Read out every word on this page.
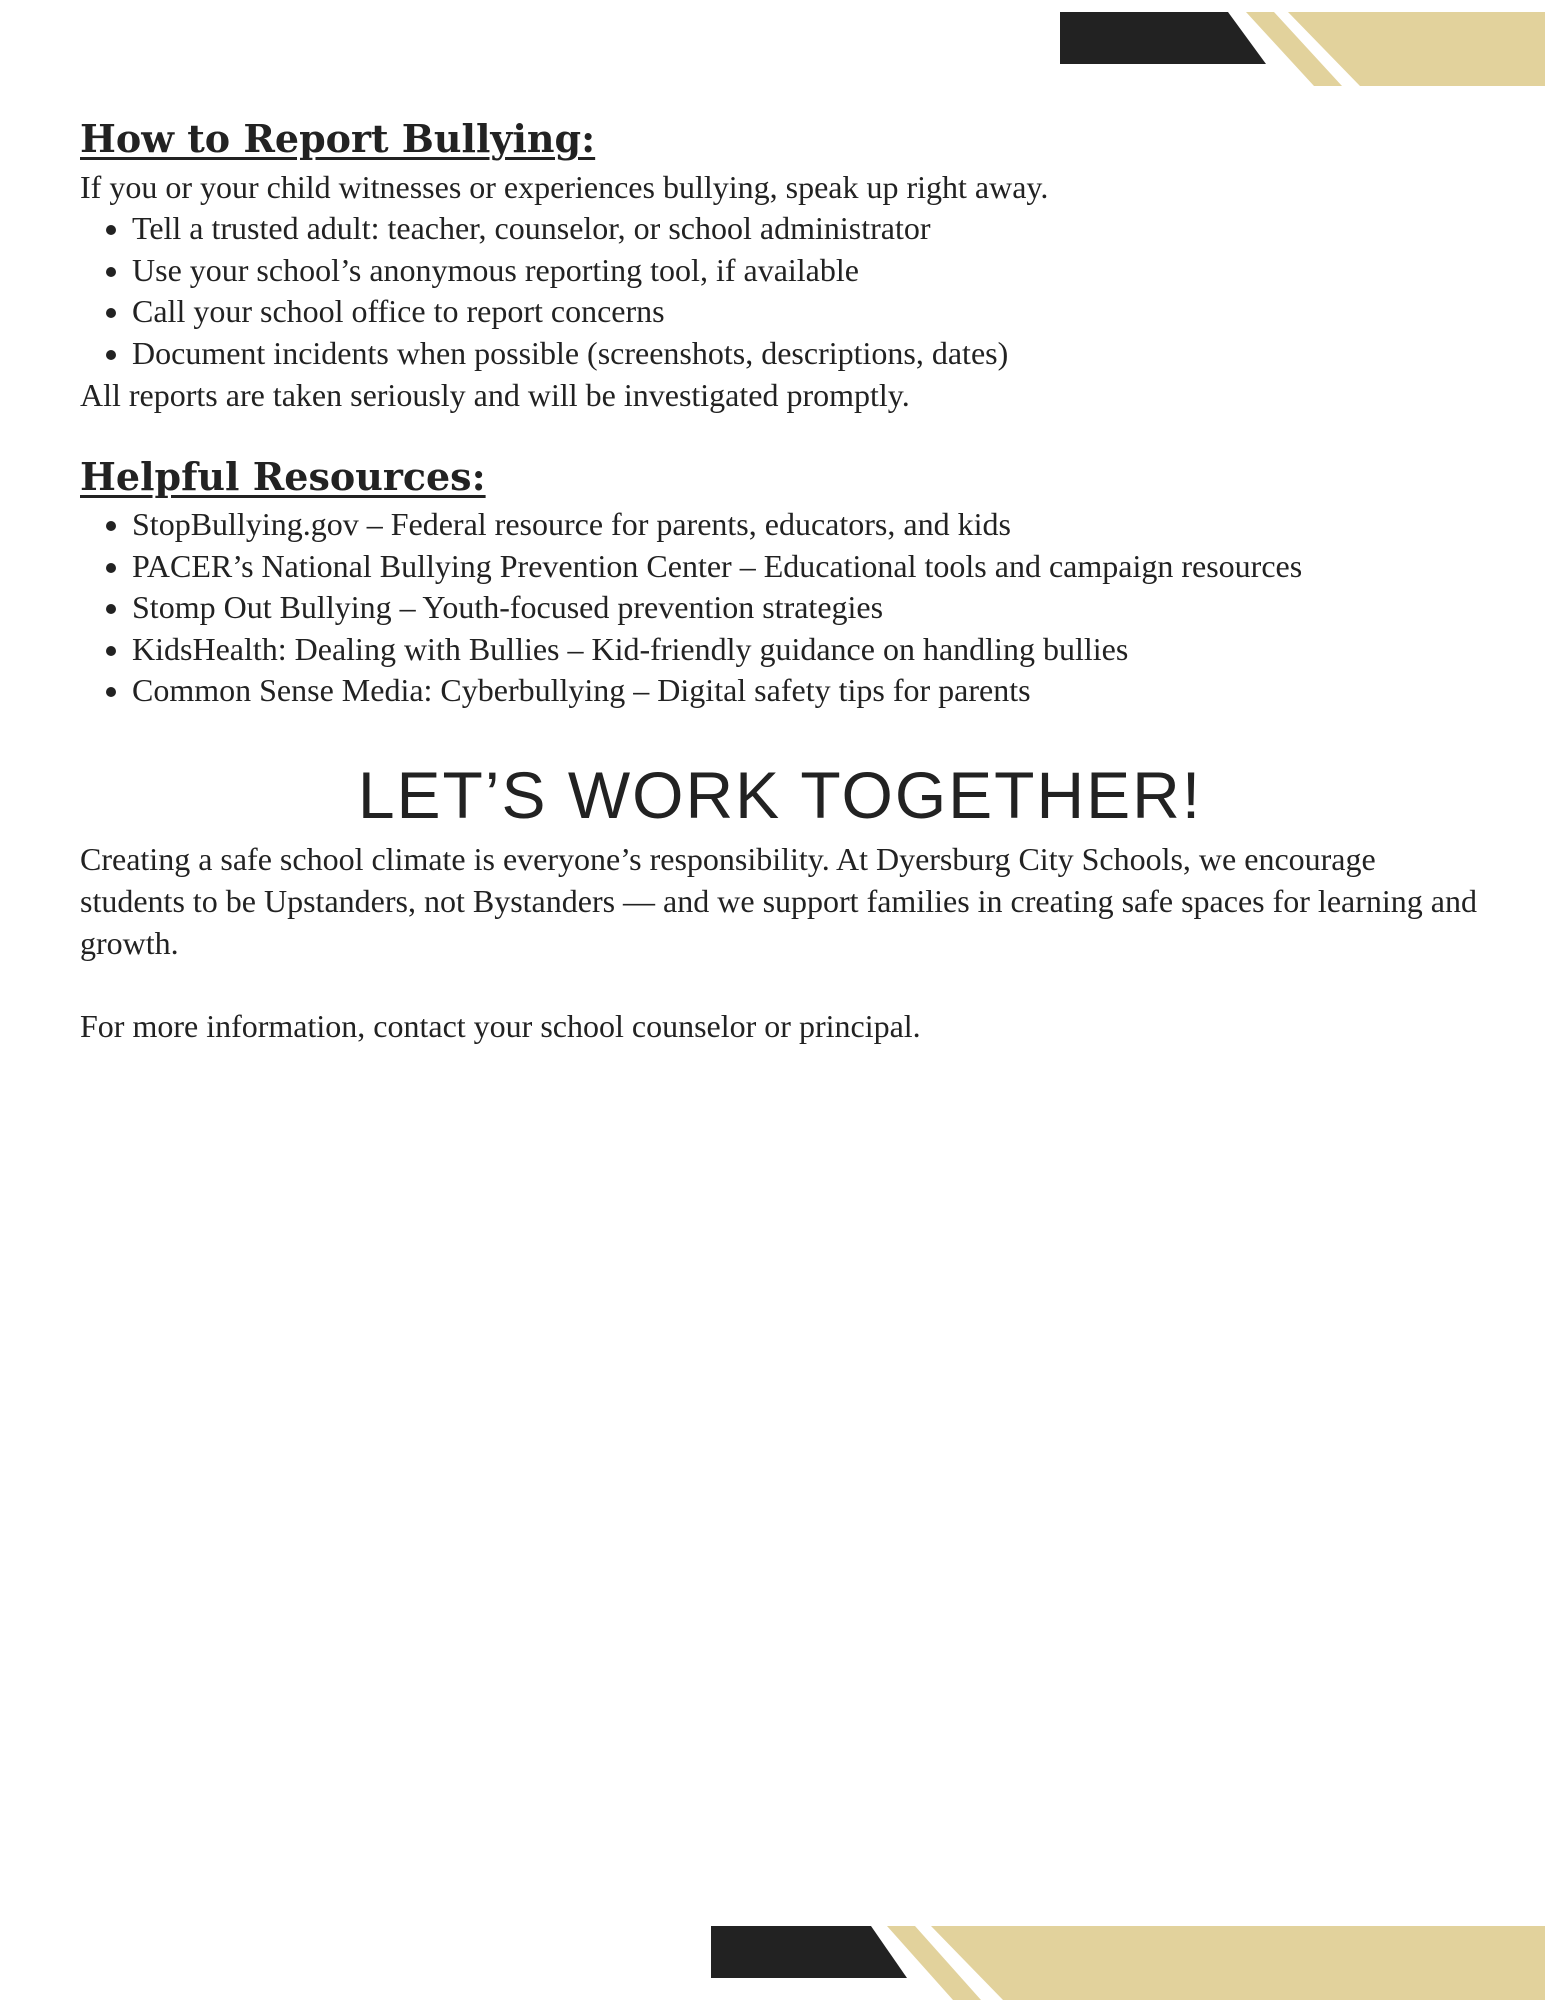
How to Report Bullying:

If you or your child witnesses or experiences bullying, speak up right away.

• Tell a trusted adult: teacher, counselor, or school administrator
• Use your school’s anonymous reporting tool, if available
• Call your school office to report concerns
• Document incidents when possible (screenshots, descriptions, dates)

All reports are taken seriously and will be investigated promptly.

Helpful Resources:
• StopBullying.gov – Federal resource for parents, educators, and kids
• PACER’s National Bullying Prevention Center – Educational tools and campaign resources
• Stomp Out Bullying – Youth-focused prevention strategies
• KidsHealth: Dealing with Bullies – Kid-friendly guidance on handling bullies
• Common Sense Media: Cyberbullying – Digital safety tips for parents
LET’S WORK TOGETHER!

Creating a safe school climate is everyone’s responsibility. At Dyersburg City Schools, we encourage students to be Upstanders, not Bystanders — and we support families in creating safe spaces for learning and growth.

For more information, contact your school counselor or principal.
